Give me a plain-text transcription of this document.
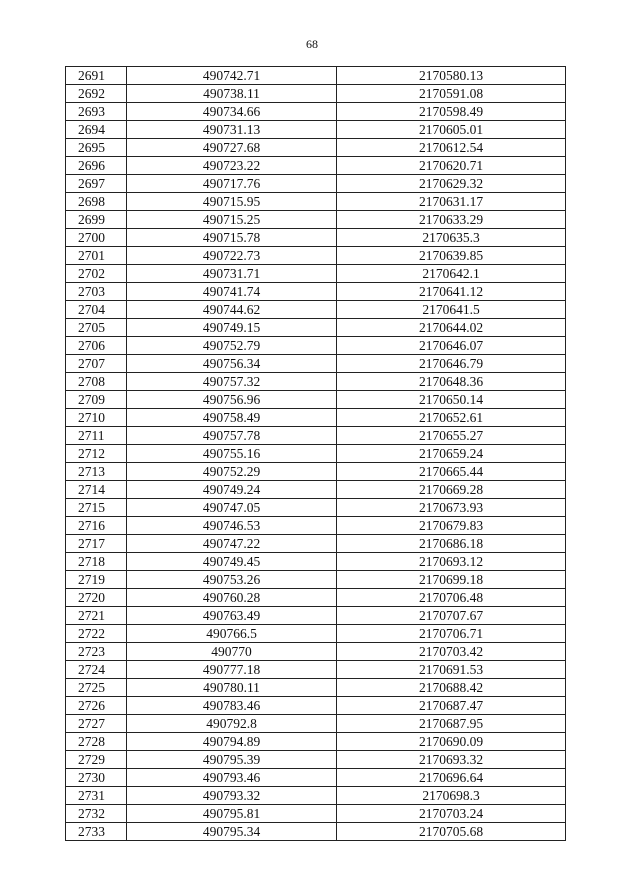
68
2691	490742.71	2170580.13
2692	490738.11	2170591.08
2693	490734.66	2170598.49
2694	490731.13	2170605.01
2695	490727.68	2170612.54
2696	490723.22	2170620.71
2697	490717.76	2170629.32
2698	490715.95	2170631.17
2699	490715.25	2170633.29
2700	490715.78	2170635.3
2701	490722.73	2170639.85
2702	490731.71	2170642.1
2703	490741.74	2170641.12
2704	490744.62	2170641.5
2705	490749.15	2170644.02
2706	490752.79	2170646.07
2707	490756.34	2170646.79
2708	490757.32	2170648.36
2709	490756.96	2170650.14
2710	490758.49	2170652.61
2711	490757.78	2170655.27
2712	490755.16	2170659.24
2713	490752.29	2170665.44
2714	490749.24	2170669.28
2715	490747.05	2170673.93
2716	490746.53	2170679.83
2717	490747.22	2170686.18
2718	490749.45	2170693.12
2719	490753.26	2170699.18
2720	490760.28	2170706.48
2721	490763.49	2170707.67
2722	490766.5	2170706.71
2723	490770	2170703.42
2724	490777.18	2170691.53
2725	490780.11	2170688.42
2726	490783.46	2170687.47
2727	490792.8	2170687.95
2728	490794.89	2170690.09
2729	490795.39	2170693.32
2730	490793.46	2170696.64
2731	490793.32	2170698.3
2732	490795.81	2170703.24
2733	490795.34	2170705.68
